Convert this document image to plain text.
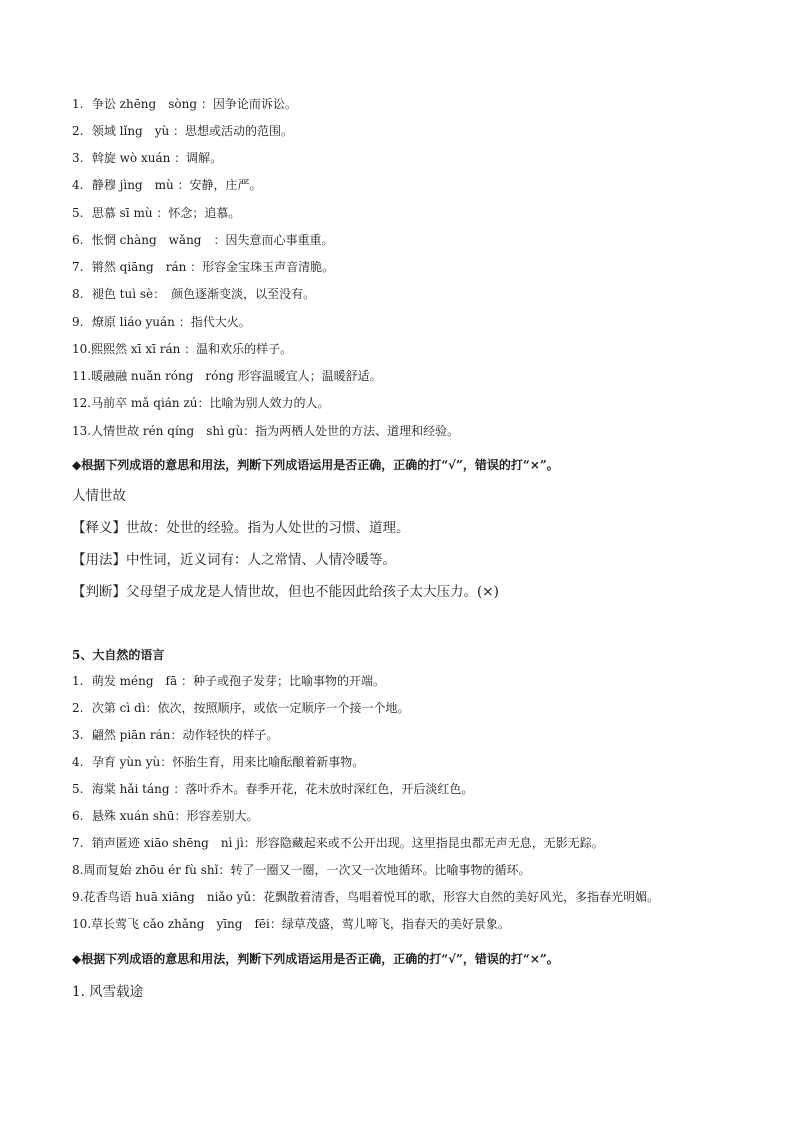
1. 争讼 zhēng　sòng ：因争论而诉讼。
2. 领域 lǐng　yù ：思想或活动的范围。
3. 斡旋 wò xuán ：调解。
4. 静穆 jìng　mù ：安静，庄严。
5. 思慕 sī mù ：怀念；追慕。
6. 怅惘 chàng　wǎng　：因失意而心事重重。
7. 锵然 qiāng　rán ：形容金宝珠玉声音清脆。
8. 褪色 tuì sè：　颜色逐渐变淡，以至没有。
9. 燎原 liáo yuán ：指代大火。
10.熙熙然 xī xī rán ：温和欢乐的样子。
11.暖融融 nuǎn róng　róng 形容温暖宜人；温暖舒适。
12.马前卒 mǎ qián zú：比喻为别人效力的人。
13.人情世故 rén qíng　shì gù：指为两栖人处世的方法、道理和经验。
◆根据下列成语的意思和用法，判断下列成语运用是否正确，正确的打“√”，错误的打“×”。
人情世故
【释义】世故：处世的经验。指为人处世的习惯、道理。
【用法】中性词，近义词有：人之常情、人情冷暖等。
【判断】父母望子成龙是人情世故，但也不能因此给孩子太大压力。(×)
5、大自然的语言
1. 萌发 méng　fā ：种子或孢子发芽；比喻事物的开端。
2. 次第 cì dì：依次，按照顺序，或依一定顺序一个接一个地。
3. 翩然 piān rán：动作轻快的样子。
4. 孕育 yùn yù：怀胎生育，用来比喻酝酿着新事物。
5. 海棠 hǎi táng ：落叶乔木。春季开花，花未放时深红色，开后淡红色。
6. 悬殊 xuán shū：形容差别大。
7. 销声匿迹 xiāo shēng　nì jì：形容隐藏起来或不公开出现。这里指昆虫都无声无息，无影无踪。
8.周而复始 zhōu ér fù shǐ：转了一圈又一圈，一次又一次地循环。比喻事物的循环。
9.花香鸟语 huā xiāng　niǎo yǔ：花飘散着清香，鸟唱着悦耳的歌，形容大自然的美好风光，多指春光明媚。
10.草长莺飞 cǎo zhǎng　yīng　fēi：绿草茂盛，莺儿啼飞，指春天的美好景象。
◆根据下列成语的意思和用法，判断下列成语运用是否正确，正确的打“√”，错误的打“×”。
1. 风雪载途
